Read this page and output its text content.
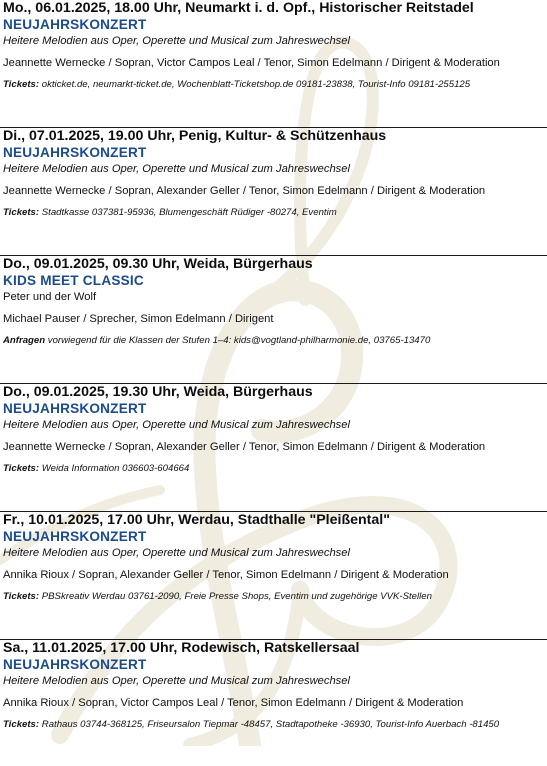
Mo., 06.01.2025, 18.00 Uhr, Neumarkt i. d. Opf., Historischer Reitstadel
NEUJAHRSKONZERT
Heitere Melodien aus Oper, Operette und Musical zum Jahreswechsel
Jeannette Wernecke / Sopran, Victor Campos Leal / Tenor, Simon Edelmann / Dirigent & Moderation
Tickets: okticket.de, neumarkt-ticket.de, Wochenblatt-Ticketshop.de 09181-23838, Tourist-Info 09181-255125
Di., 07.01.2025, 19.00 Uhr, Penig, Kultur- & Schützenhaus
NEUJAHRSKONZERT
Heitere Melodien aus Oper, Operette und Musical zum Jahreswechsel
Jeannette Wernecke / Sopran, Alexander Geller / Tenor, Simon Edelmann / Dirigent & Moderation
Tickets: Stadtkasse 037381-95936, Blumengeschäft Rüdiger -80274, Eventim
Do., 09.01.2025, 09.30 Uhr, Weida, Bürgerhaus
KIDS MEET CLASSIC
Peter und der Wolf
Michael Pauser / Sprecher, Simon Edelmann / Dirigent
Anfragen vorwiegend für die Klassen der Stufen 1–4: kids@vogtland-philharmonie.de, 03765-13470
Do., 09.01.2025, 19.30 Uhr, Weida, Bürgerhaus
NEUJAHRSKONZERT
Heitere Melodien aus Oper, Operette und Musical zum Jahreswechsel
Jeannette Wernecke / Sopran, Alexander Geller / Tenor, Simon Edelmann / Dirigent & Moderation
Tickets: Weida Information 036603-604664
Fr., 10.01.2025, 17.00 Uhr, Werdau, Stadthalle "Pleißental"
NEUJAHRSKONZERT
Heitere Melodien aus Oper, Operette und Musical zum Jahreswechsel
Annika Rioux / Sopran, Alexander Geller / Tenor, Simon Edelmann / Dirigent & Moderation
Tickets: PBSkreativ Werdau 03761-2090, Freie Presse Shops, Eventim und zugehörige VVK-Stellen
Sa., 11.01.2025, 17.00 Uhr, Rodewisch, Ratskellersaal
NEUJAHRSKONZERT
Heitere Melodien aus Oper, Operette und Musical zum Jahreswechsel
Annika Rioux / Sopran, Victor Campos Leal / Tenor, Simon Edelmann / Dirigent & Moderation
Tickets: Rathaus 03744-368125, Friseursalon Tiepmar -48457, Stadtapotheke -36930, Tourist-Info Auerbach -81450
